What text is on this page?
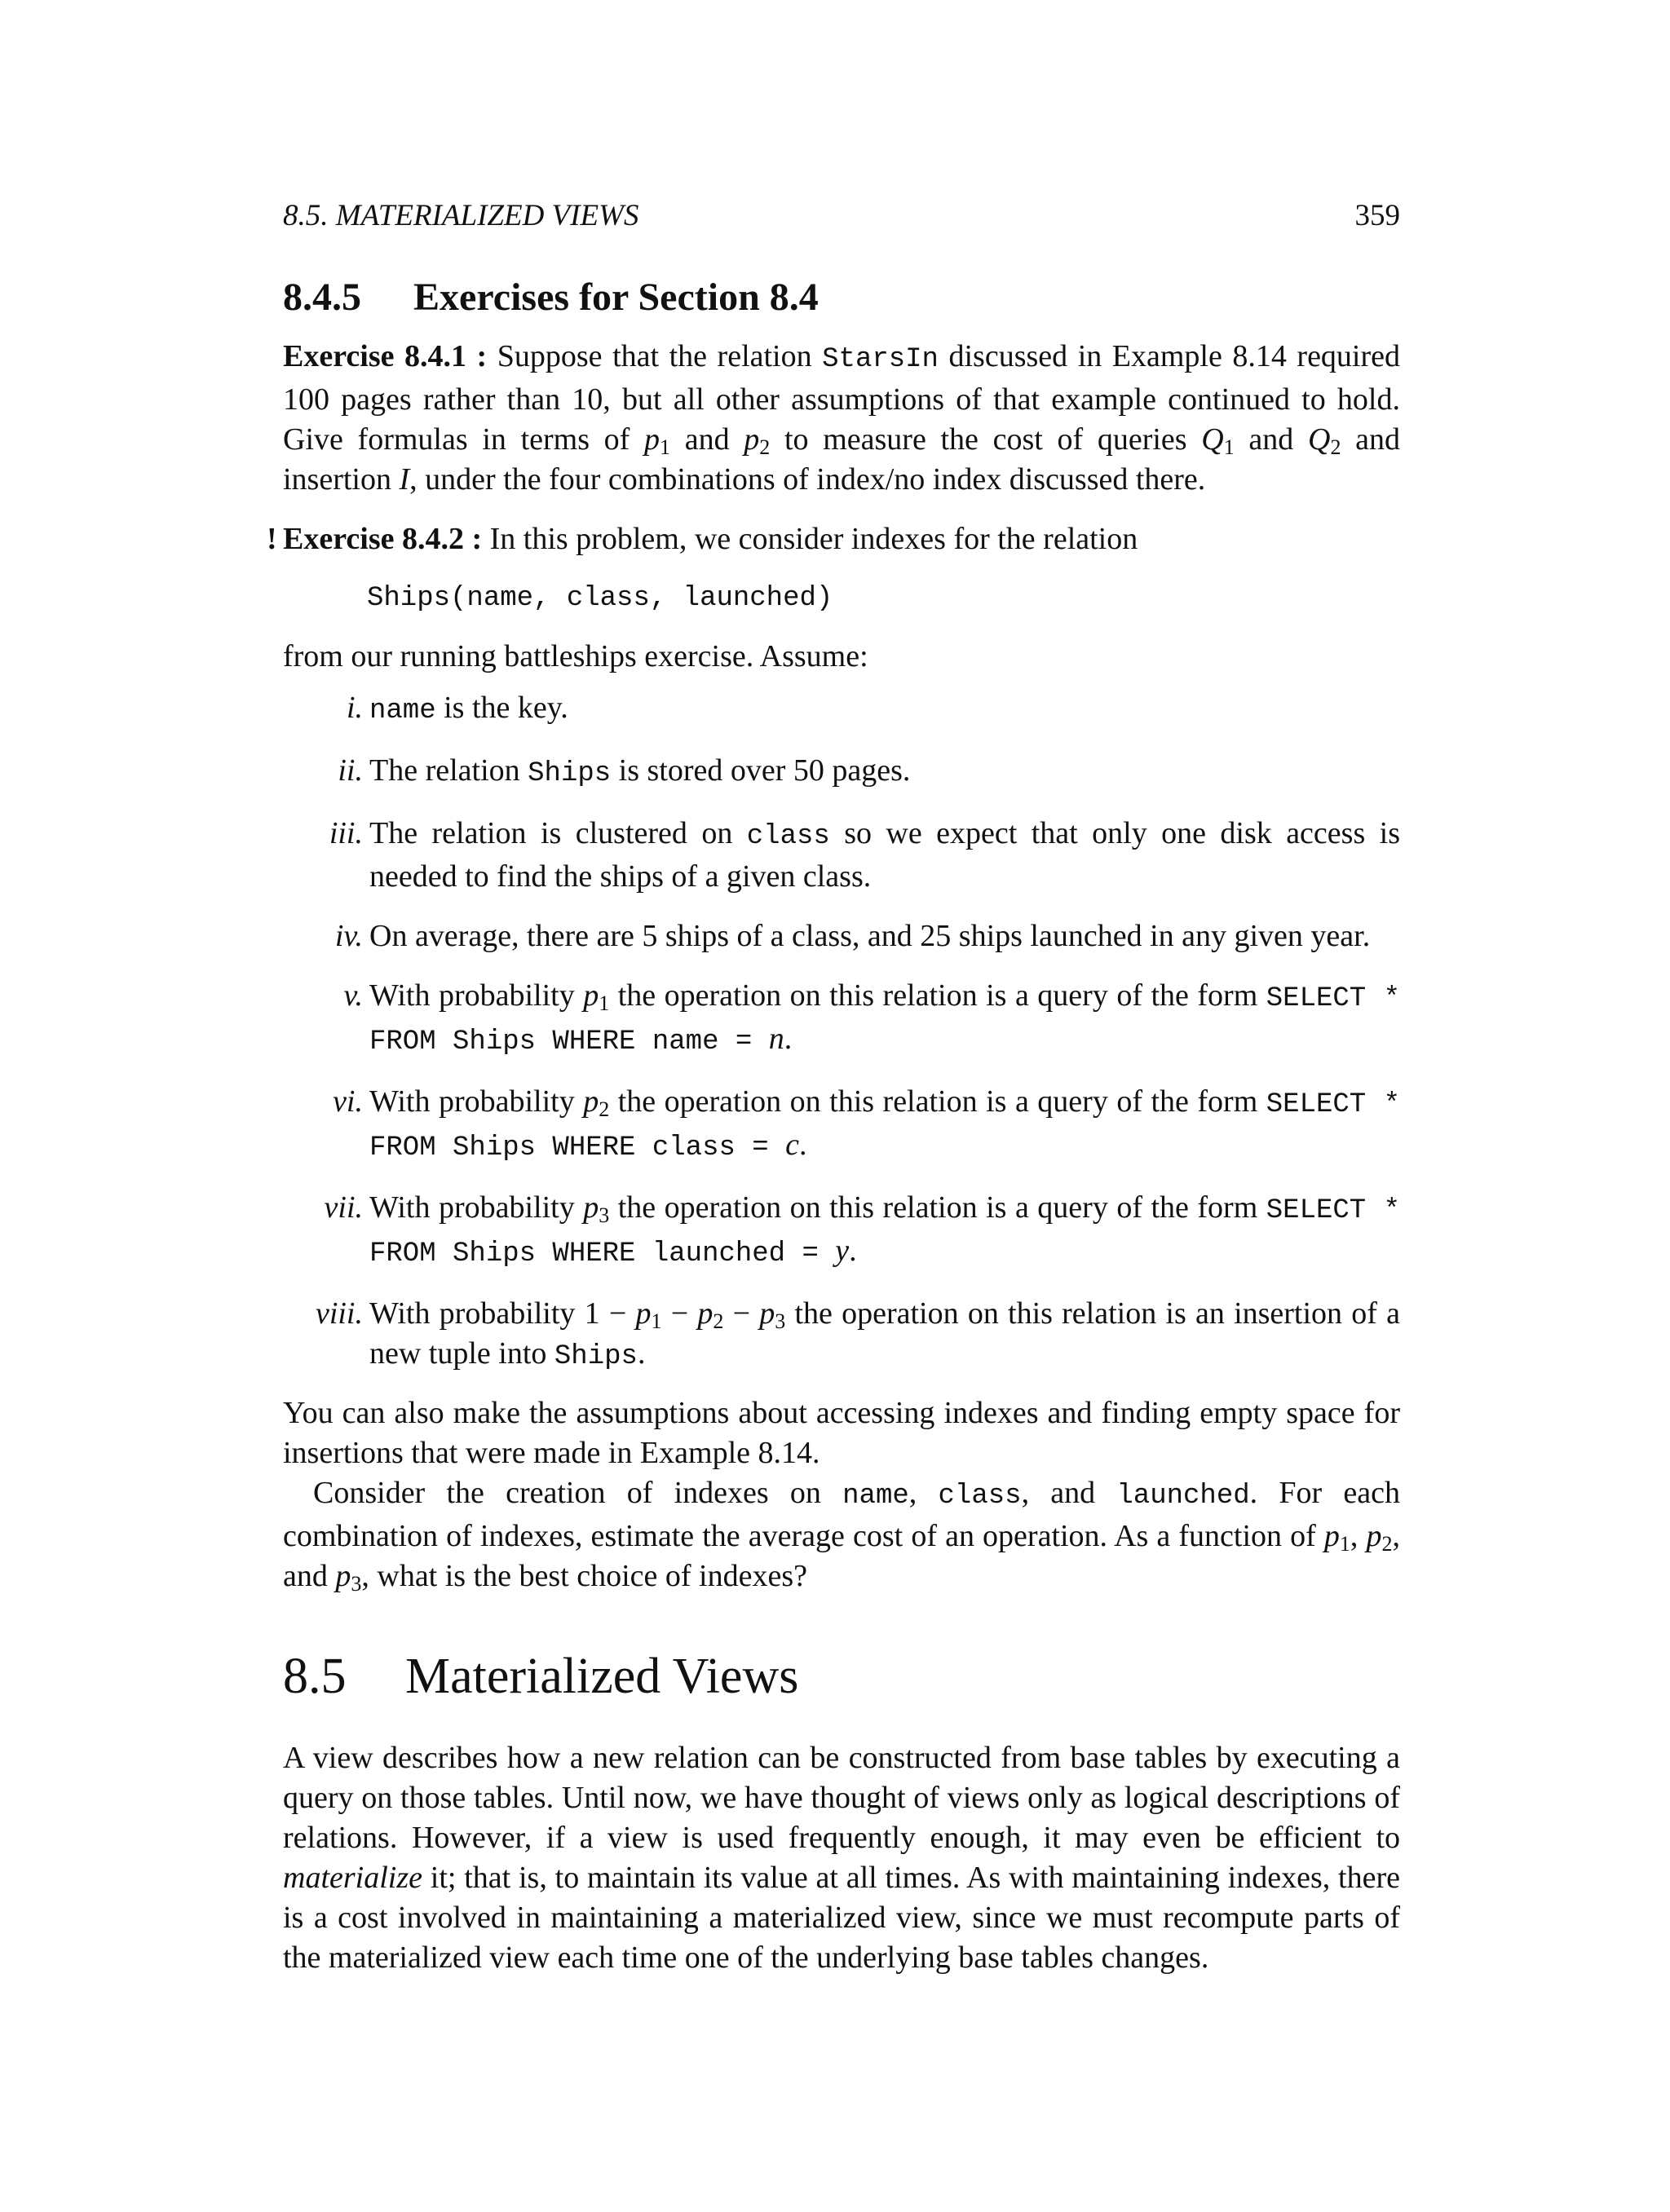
8.5. MATERIALIZED VIEWS	359
8.4.5 Exercises for Section 8.4

Exercise 8.4.1 : Suppose that the relation StarsIn discussed in Example 8.14 required 100 pages rather than 10, but all other assumptions of that example continued to hold. Give formulas in terms of $p_1$ and $p_2$ to measure the cost of queries $Q_1$ and $Q_2$ and insertion I, under the four combinations of index/no index discussed there.

! Exercise 8.4.2 : In this problem, we consider indexes for the relation

Ships(name, class, launched)

from our running battleships exercise. Assume:

i. name is the key.
ii. The relation Ships is stored over 50 pages.
iii. The relation is clustered on class so we expect that only one disk access is needed to find the ships of a given class.
iv. On average, there are 5 ships of a class, and 25 ships launched in any given year.
v. With probability $p_1$ the operation on this relation is a query of the form SELECT * FROM Ships WHERE name = n.
vi. With probability $p_2$ the operation on this relation is a query of the form SELECT * FROM Ships WHERE class = c.
vii. With probability $p_3$ the operation on this relation is a query of the form SELECT * FROM Ships WHERE launched = y.
viii. With probability $1 - p_1 - p_2 - p_3$ the operation on this relation is an insertion of a new tuple into Ships.

You can also make the assumptions about accessing indexes and finding empty space for insertions that were made in Example 8.14.

Consider the creation of indexes on name, class, and launched. For each combination of indexes, estimate the average cost of an operation. As a function of $p_1$, $p_2$, and $p_3$, what is the best choice of indexes?

8.5 Materialized Views

A view describes how a new relation can be constructed from base tables by executing a query on those tables. Until now, we have thought of views only as logical descriptions of relations. However, if a view is used frequently enough, it may even be efficient to materialize it; that is, to maintain its value at all times. As with maintaining indexes, there is a cost involved in maintaining a materialized view, since we must recompute parts of the materialized view each time one of the underlying base tables changes.
